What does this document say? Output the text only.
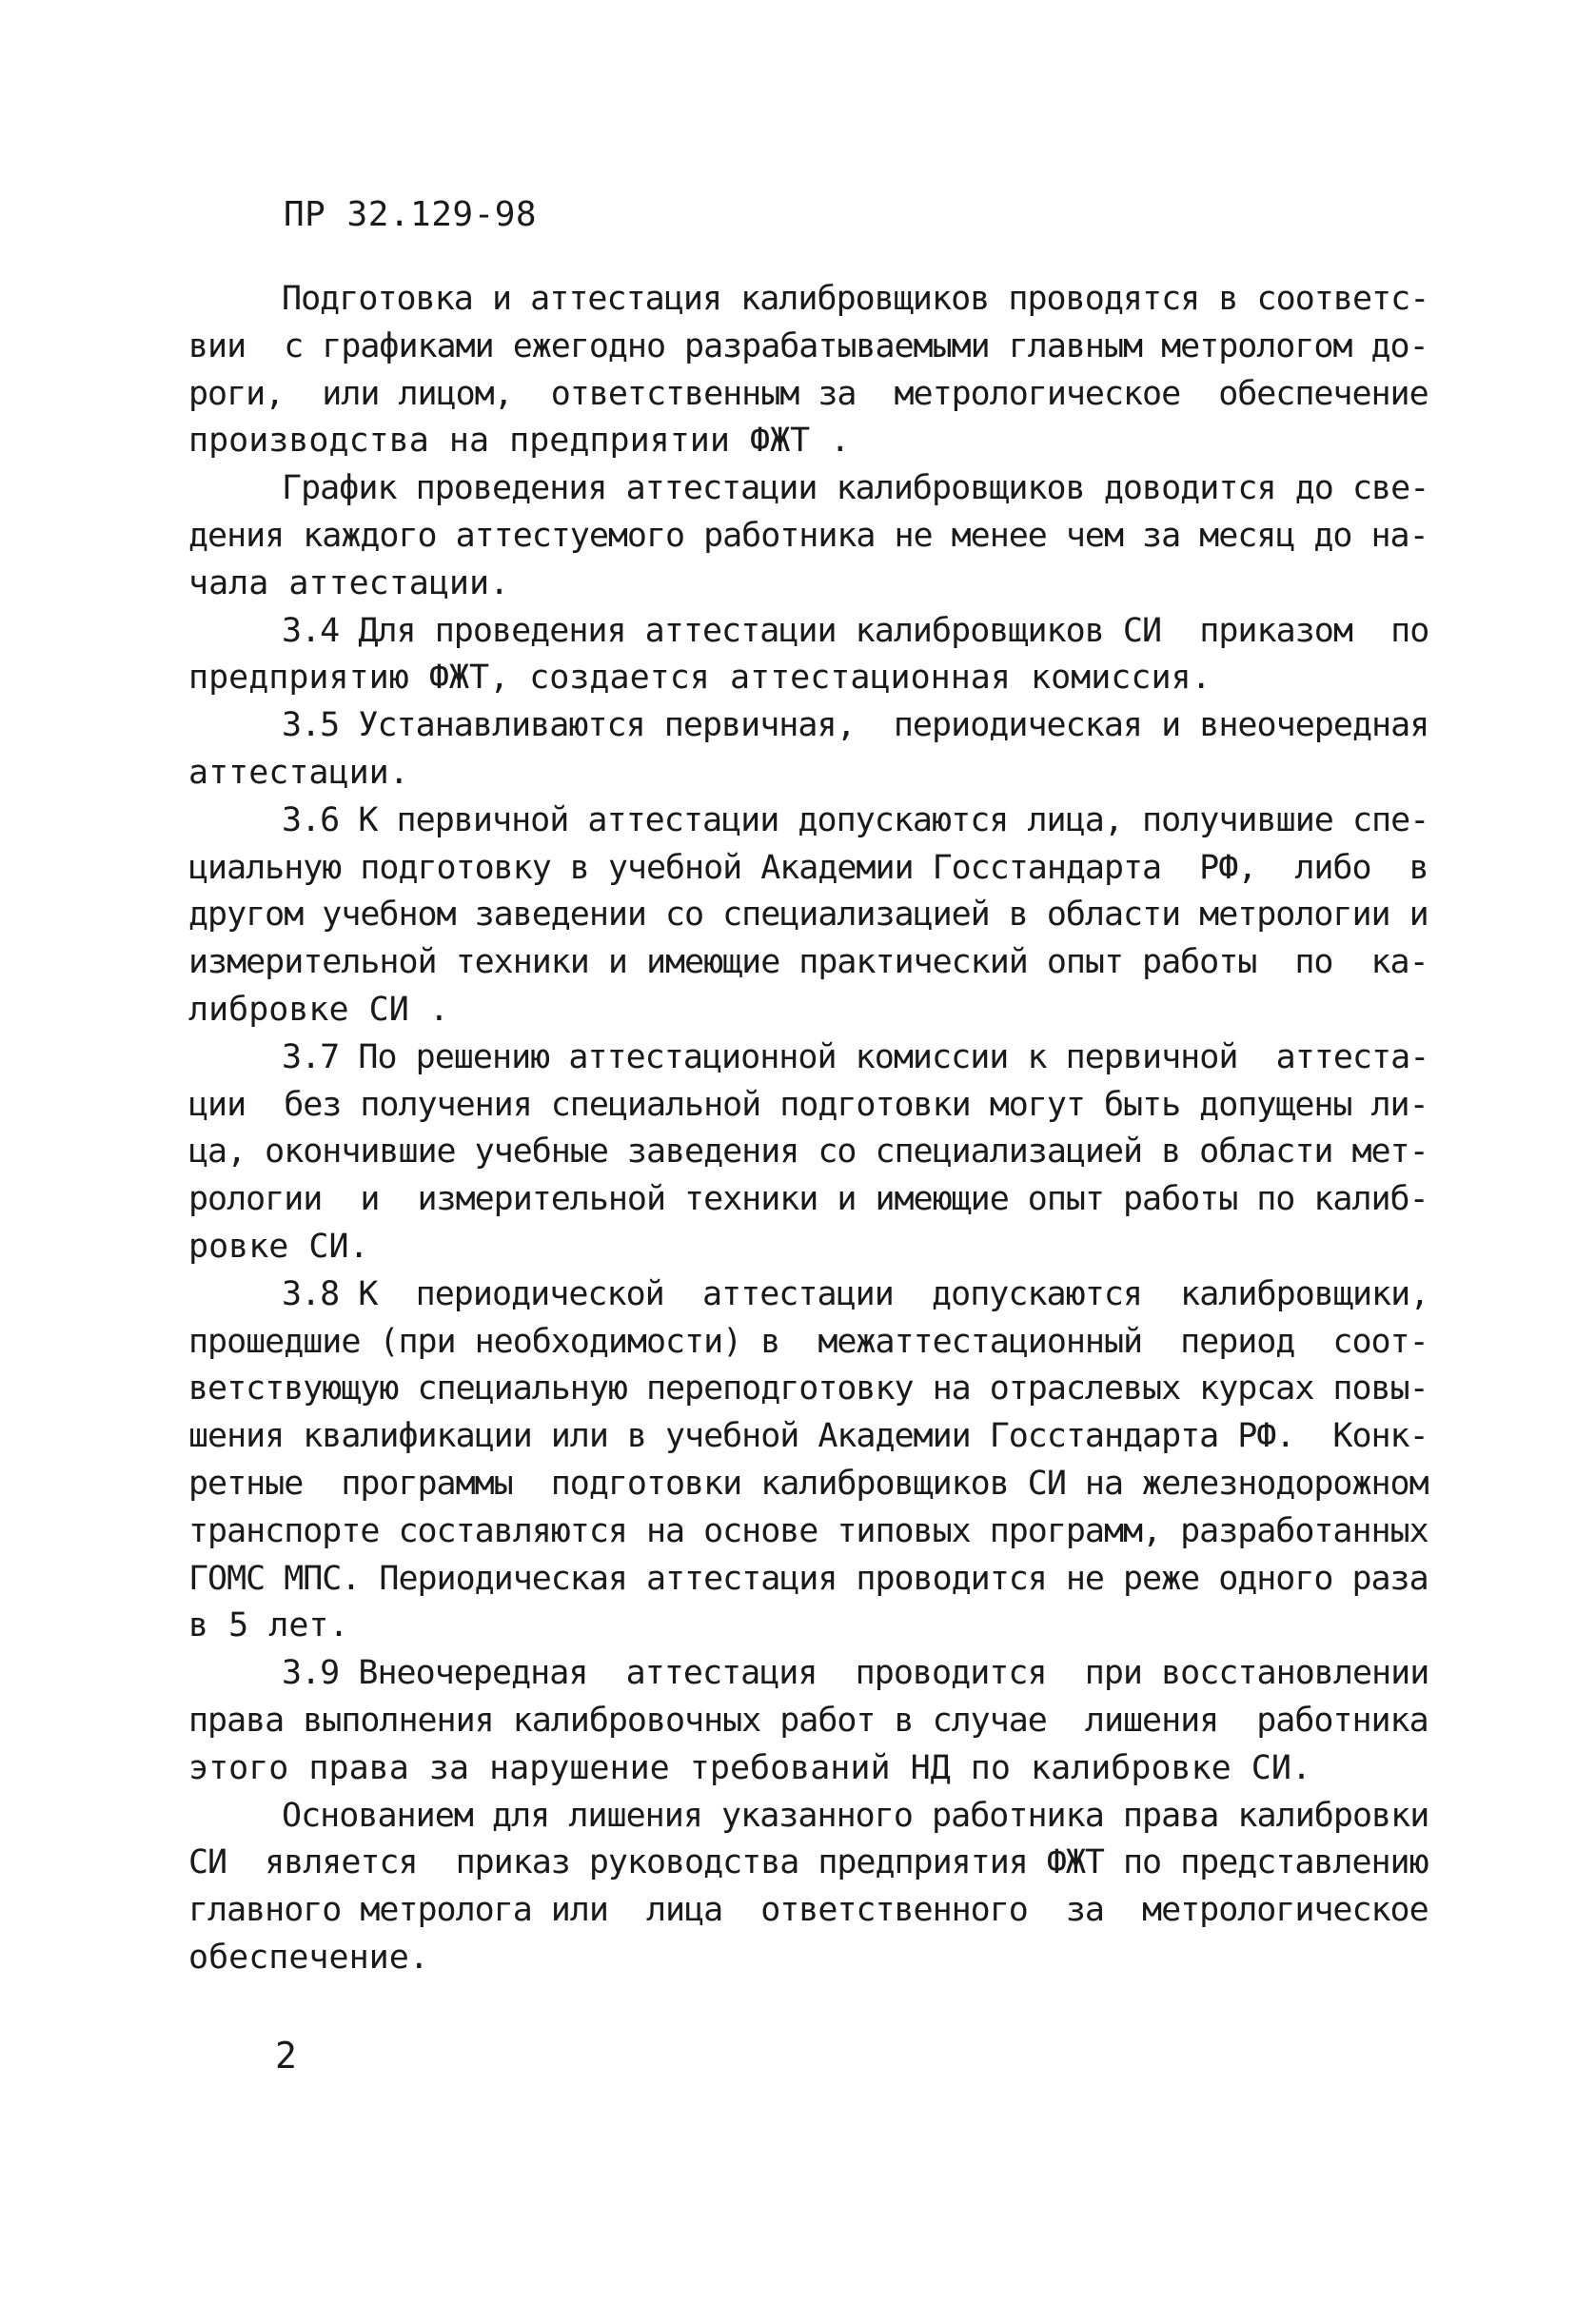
ПР 32.129-98
Подготовка и аттестация калибровщиков проводятся в соответс-
вии  с графиками ежегодно разрабатываемыми главным метрологом до-
роги,  или лицом,  ответственным за  метрологическое  обеспечение
производства на предприятии ФЖТ .
График проведения аттестации калибровщиков доводится до све-
дения каждого аттестуемого работника не менее чем за месяц до на-
чала аттестации.
3.4 Для проведения аттестации калибровщиков СИ  приказом  по
предприятию ФЖТ, создается аттестационная комиссия.
3.5 Устанавливаются первичная,  периодическая и внеочередная
аттестации.
3.6 К первичной аттестации допускаются лица, получившие спе-
циальную подготовку в учебной Академии Госстандарта  РФ,  либо  в
другом учебном заведении со специализацией в области метрологии и
измерительной техники и имеющие практический опыт работы  по  ка-
либровке СИ .
3.7 По решению аттестационной комиссии к первичной  аттеста-
ции  без получения специальной подготовки могут быть допущены ли-
ца, окончившие учебные заведения со специализацией в области мет-
рологии  и  измерительной техники и имеющие опыт работы по калиб-
ровке СИ.
3.8 К  периодической  аттестации  допускаются  калибровщики,
прошедшие (при необходимости) в  межаттестационный  период  соот-
ветствующую специальную переподготовку на отраслевых курсах повы-
шения квалификации или в учебной Академии Госстандарта РФ.  Конк-
ретные  программы  подготовки калибровщиков СИ на железнодорожном
транспорте составляются на основе типовых программ, разработанных
ГОМС МПС. Периодическая аттестация проводится не реже одного раза
в 5 лет.
3.9 Внеочередная  аттестация  проводится  при восстановлении
права выполнения калибровочных работ в случае  лишения  работника
этого права за нарушение требований НД по калибровке СИ.
Основанием для лишения указанного работника права калибровки
СИ  является  приказ руководства предприятия ФЖТ по представлению
главного метролога или  лица  ответственного  за  метрологическое
обеспечение.
2
